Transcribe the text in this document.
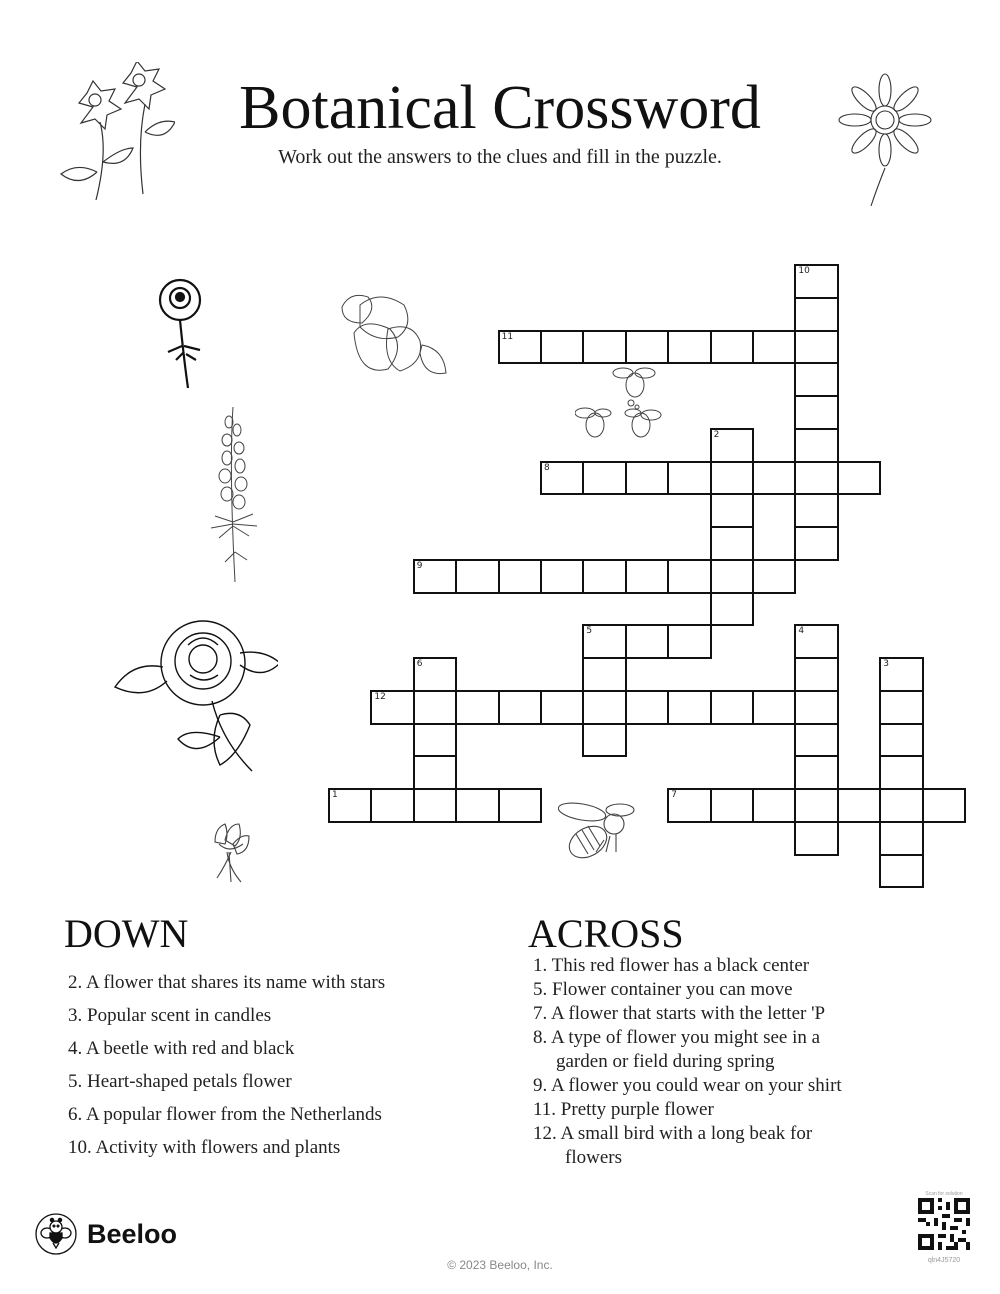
Botanical Crossword
Work out the answers to the clues and fill in the puzzle.
1
5
7
8
9
11
12
2
3
4
6
10
DOWN
2. A flower that shares its name with stars
3. Popular scent in candles
4. A beetle with red and black
5. Heart-shaped petals flower
6. A popular flower from the Netherlands
10. Activity with flowers and plants
ACROSS
1. This red flower has a black center
5. Flower container you can move
7. A flower that starts with the letter 'P
8. A type of flower you might see in a
garden or field during spring
9. A flower you could wear on your shirt
11. Pretty purple flower
12. A small bird with a long beak for
flowers
Beeloo
© 2023 Beeloo, Inc.
Scan for solution
qln4J5720
